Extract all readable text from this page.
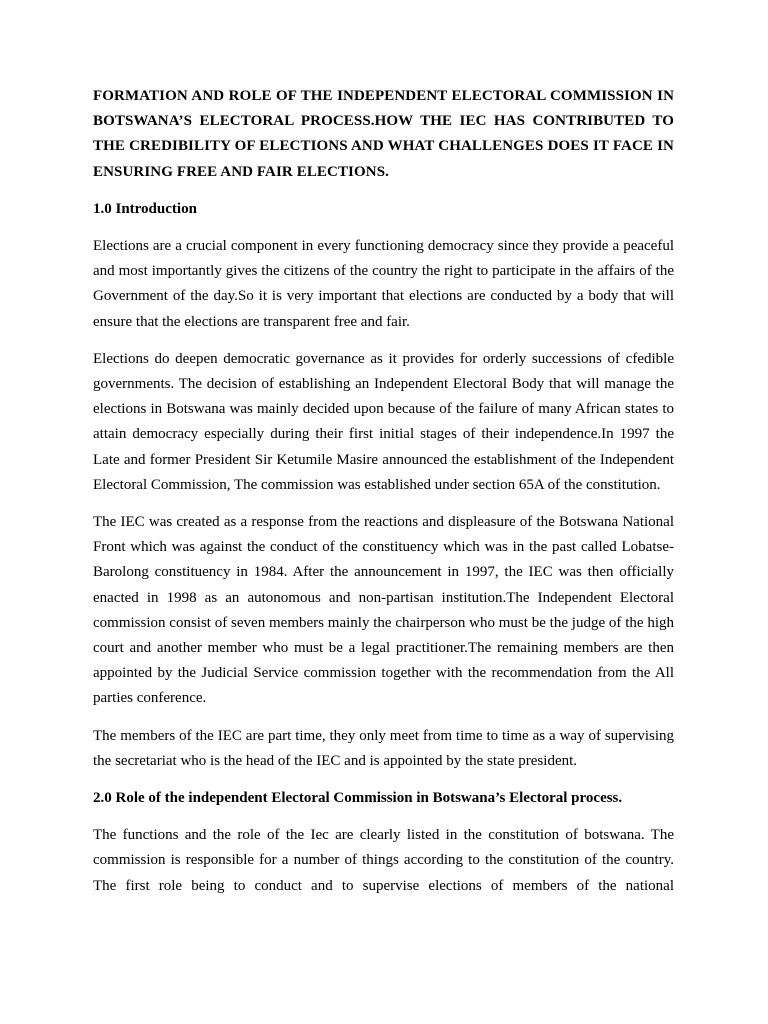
FORMATION AND ROLE OF THE INDEPENDENT ELECTORAL COMMISSION IN BOTSWANA’S ELECTORAL PROCESS.HOW THE IEC HAS CONTRIBUTED TO THE CREDIBILITY OF ELECTIONS AND WHAT CHALLENGES DOES IT FACE IN ENSURING FREE AND FAIR ELECTIONS.

1.0 Introduction

Elections are a crucial component in every functioning democracy since they provide a peaceful and most importantly gives the citizens of the country the right to participate in the affairs of the Government of the day.So it is very important that elections are conducted by a body that will ensure that the elections are transparent free and fair.

Elections do deepen democratic governance as it provides for orderly successions of cfedible governments. The decision of establishing an Independent Electoral Body that will manage the elections in Botswana was mainly decided upon because of the failure of many African states to attain democracy especially during their first initial stages of their independence.In 1997 the Late and former President Sir Ketumile Masire announced the establishment of the Independent Electoral Commission, The commission was established under section 65A of the constitution.

The IEC was created as a response from the reactions and displeasure of the Botswana National Front which was against the conduct of the constituency which was in the past called Lobatse- Barolong constituency in 1984. After the announcement in 1997, the IEC was then officially enacted in 1998 as an autonomous and non-partisan institution.The Independent Electoral commission consist of seven members mainly the chairperson who must be the judge of the high court and another member who must be a legal practitioner.The remaining members are then appointed by the Judicial Service commission together with the recommendation from the All parties conference.

The members of the IEC are part time, they only meet from time to time as a way of supervising the secretariat who is the head of the IEC and is appointed by the state president.

2.0 Role of the independent Electoral Commission in Botswana’s Electoral process.

The functions and the role of the Iec are clearly listed in the constitution of botswana. The commission is responsible for a number of things according to the constitution of the country. The first role being to conduct and to supervise elections of members of the national
